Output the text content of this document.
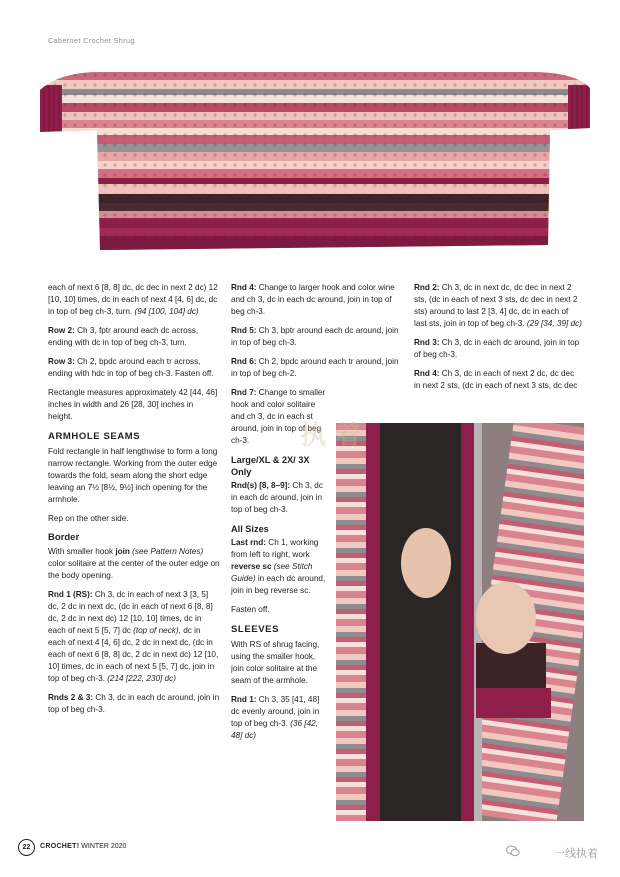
Cabernet Crochet Shrug

each of next 6 [8, 8] dc, dc dec in next 2 dc) 12 [10, 10] times, dc in each of next 4 [4, 6] dc, dc in top of beg ch-3, turn. (94 [100, 104] dc)

Row 2: Ch 3, fptr around each dc across, ending with dc in top of beg ch-3, turn.

Row 3: Ch 2, bpdc around each tr across, ending with hdc in top of beg ch-3. Fasten off.

Rectangle measures approximately 42 [44, 46] inches in width and 26 [28, 30] inches in height.

ARMHOLE SEAMS

Fold rectangle in half lengthwise to form a long narrow rectangle. Working from the outer edge towards the fold, seam along the short edge leaving an 7½ [8½, 9½] inch opening for the armhole.

Rep on the other side.

Border

With smaller hook join (see Pattern Notes) color solitaire at the center of the outer edge on the body opening.

Rnd 1 (RS): Ch 3, dc in each of next 3 [3, 5] dc, 2 dc in next dc, (dc in each of next 6 [8, 8] dc, 2 dc in next dc) 12 [10, 10] times, dc in each of next 5 [5, 7] dc (top of neck), dc in each of next 4 [4, 6] dc, 2 dc in next dc, (dc in each of next 6 [8, 8] dc, 2 dc in next dc) 12 [10, 10] times, dc in each of next 5 [5, 7] dc, join in top of beg ch-3. (214 [222, 230] dc)

Rnds 2 & 3: Ch 3, dc in each dc around, join in top of beg ch-3.

Rnd 4: Change to larger hook and color wine and ch 3, dc in each dc around, join in top of beg ch-3.

Rnd 5: Ch 3, bptr around each dc around, join in top of beg ch-3.

Rnd 6: Ch 2, bpdc around each tr around, join in top of beg ch-2.

Rnd 7: Change to smaller hook and color solitaire and ch 3, dc in each st around, join in top of beg ch-3.

Large/XL & 2X/ 3X Only

Rnd(s) [8, 8–9]: Ch 3, dc in each dc around, join in top of beg ch-3.

All Sizes

Last rnd: Ch 1, working from left to right, work reverse sc (see Stitch Guide) in each dc around, join in beg reverse sc.

Fasten off.

SLEEVES

With RS of shrug facing, using the smaller hook, join color solitaire at the seam of the armhole.

Rnd 1: Ch 3, 35 [41, 48] dc evenly around, join in top of beg ch-3. (36 [42, 48] dc)

Rnd 2: Ch 3, dc in next dc, dc dec in next 2 sts, (dc in each of next 3 sts, dc dec in next 2 sts) around to last 2 [3, 4] dc, dc in each of last sts, join in top of beg ch-3. (29 [34, 39] dc)

Rnd 3: Ch 3, dc in each dc around, join in top of beg ch-3.

Rnd 4: Ch 3, dc in each of next 2 dc, dc dec in next 2 sts, (dc in each of next 3 sts, dc dec

执 着
22	CROCHET! WINTER 2020
一线执着
